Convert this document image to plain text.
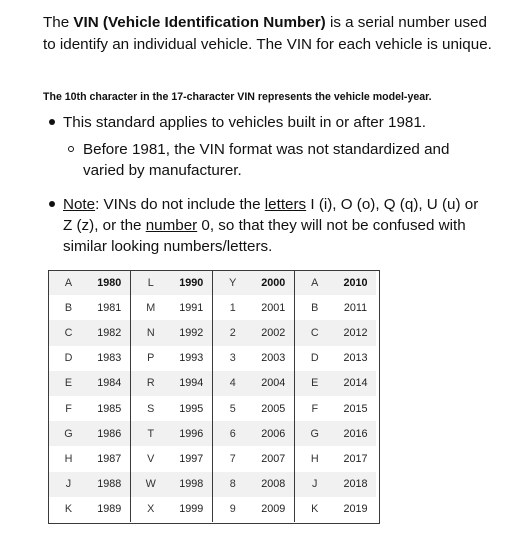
The VIN (Vehicle Identification Number) is a serial number used to identify an individual vehicle. The VIN for each vehicle is unique.
The 10th character in the 17-character VIN represents the vehicle model-year.
This standard applies to vehicles built in or after 1981.
Before 1981, the VIN format was not standardized and varied by manufacturer.
Note: VINs do not include the letters I (i), O (o), Q (q), U (u) or Z (z), or the number 0, so that they will not be confused with similar looking numbers/letters.
A	1980	L	1990	Y	2000	A	2010
B	1981	M	1991	1	2001	B	2011
C	1982	N	1992	2	2002	C	2012
D	1983	P	1993	3	2003	D	2013
E	1984	R	1994	4	2004	E	2014
F	1985	S	1995	5	2005	F	2015
G	1986	T	1996	6	2006	G	2016
H	1987	V	1997	7	2007	H	2017
J	1988	W	1998	8	2008	J	2018
K	1989	X	1999	9	2009	K	2019
